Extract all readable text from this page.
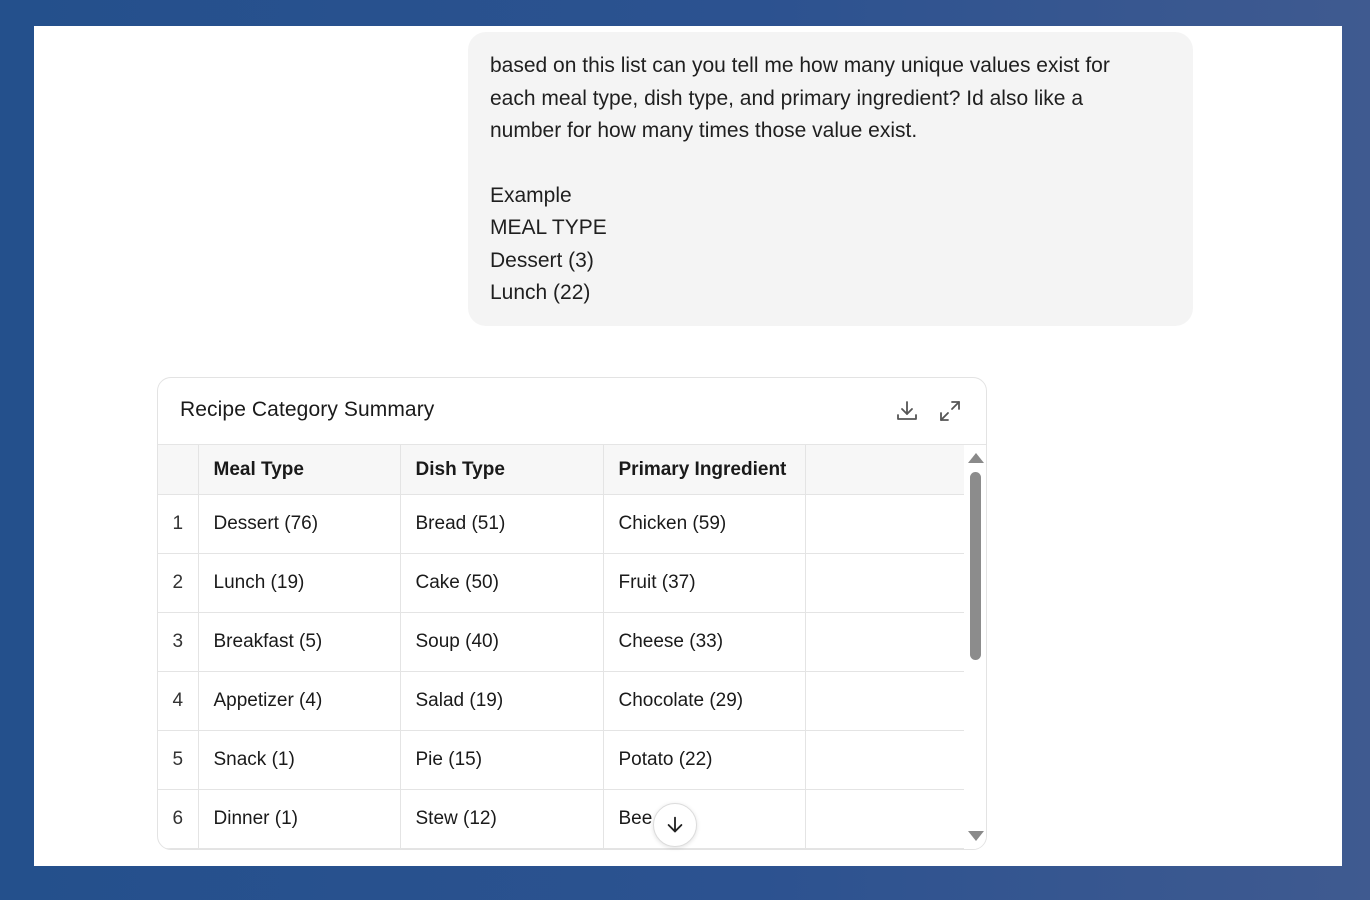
based on this list can you tell me how many unique values exist for

each meal type, dish type, and primary ingredient? Id also like a

number for how many times those value exist.

Example

MEAL TYPE

Dessert (3)

Lunch (22)

Recipe Category Summary
	Meal Type	Dish Type	Primary Ingredient	
1	Dessert (76)	Bread (51)	Chicken (59)	
2	Lunch (19)	Cake (50)	Fruit (37)	
3	Breakfast (5)	Soup (40)	Cheese (33)	
4	Appetizer (4)	Salad (19)	Chocolate (29)	
5	Snack (1)	Pie (15)	Potato (22)	
6	Dinner (1)	Stew (12)	Bee	
